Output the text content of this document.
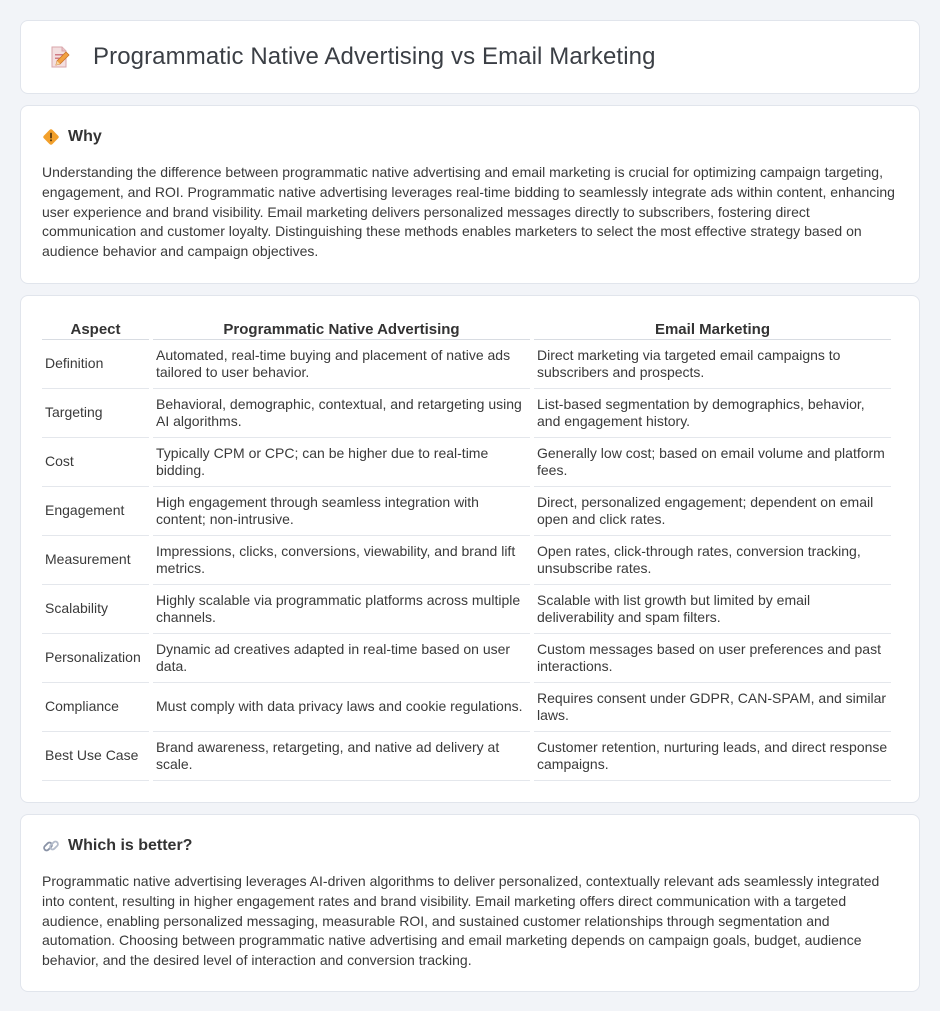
Programmatic Native Advertising vs Email Marketing
Why

Understanding the difference between programmatic native advertising and email marketing is crucial for optimizing campaign targeting, engagement, and ROI. Programmatic native advertising leverages real-time bidding to seamlessly integrate ads within content, enhancing user experience and brand visibility. Email marketing delivers personalized messages directly to subscribers, fostering direct communication and customer loyalty. Distinguishing these methods enables marketers to select the most effective strategy based on audience behavior and campaign objectives.

Aspect	Programmatic Native Advertising	Email Marketing
Definition	Automated, real-time buying and placement of native ads tailored to user behavior.	Direct marketing via targeted email campaigns to subscribers and prospects.
Targeting	Behavioral, demographic, contextual, and retargeting using AI algorithms.	List-based segmentation by demographics, behavior, and engagement history.
Cost	Typically CPM or CPC; can be higher due to real-time bidding.	Generally low cost; based on email volume and platform fees.
Engagement	High engagement through seamless integration with content; non-intrusive.	Direct, personalized engagement; dependent on email open and click rates.
Measurement	Impressions, clicks, conversions, viewability, and brand lift metrics.	Open rates, click-through rates, conversion tracking, unsubscribe rates.
Scalability	Highly scalable via programmatic platforms across multiple channels.	Scalable with list growth but limited by email deliverability and spam filters.
Personalization	Dynamic ad creatives adapted in real-time based on user data.	Custom messages based on user preferences and past interactions.
Compliance	Must comply with data privacy laws and cookie regulations.	Requires consent under GDPR, CAN-SPAM, and similar laws.
Best Use Case	Brand awareness, retargeting, and native ad delivery at scale.	Customer retention, nurturing leads, and direct response campaigns.
Which is better?

Programmatic native advertising leverages AI-driven algorithms to deliver personalized, contextually relevant ads seamlessly integrated into content, resulting in higher engagement rates and brand visibility. Email marketing offers direct communication with a targeted audience, enabling personalized messaging, measurable ROI, and sustained customer relationships through segmentation and automation. Choosing between programmatic native advertising and email marketing depends on campaign goals, budget, audience behavior, and the desired level of interaction and conversion tracking.
